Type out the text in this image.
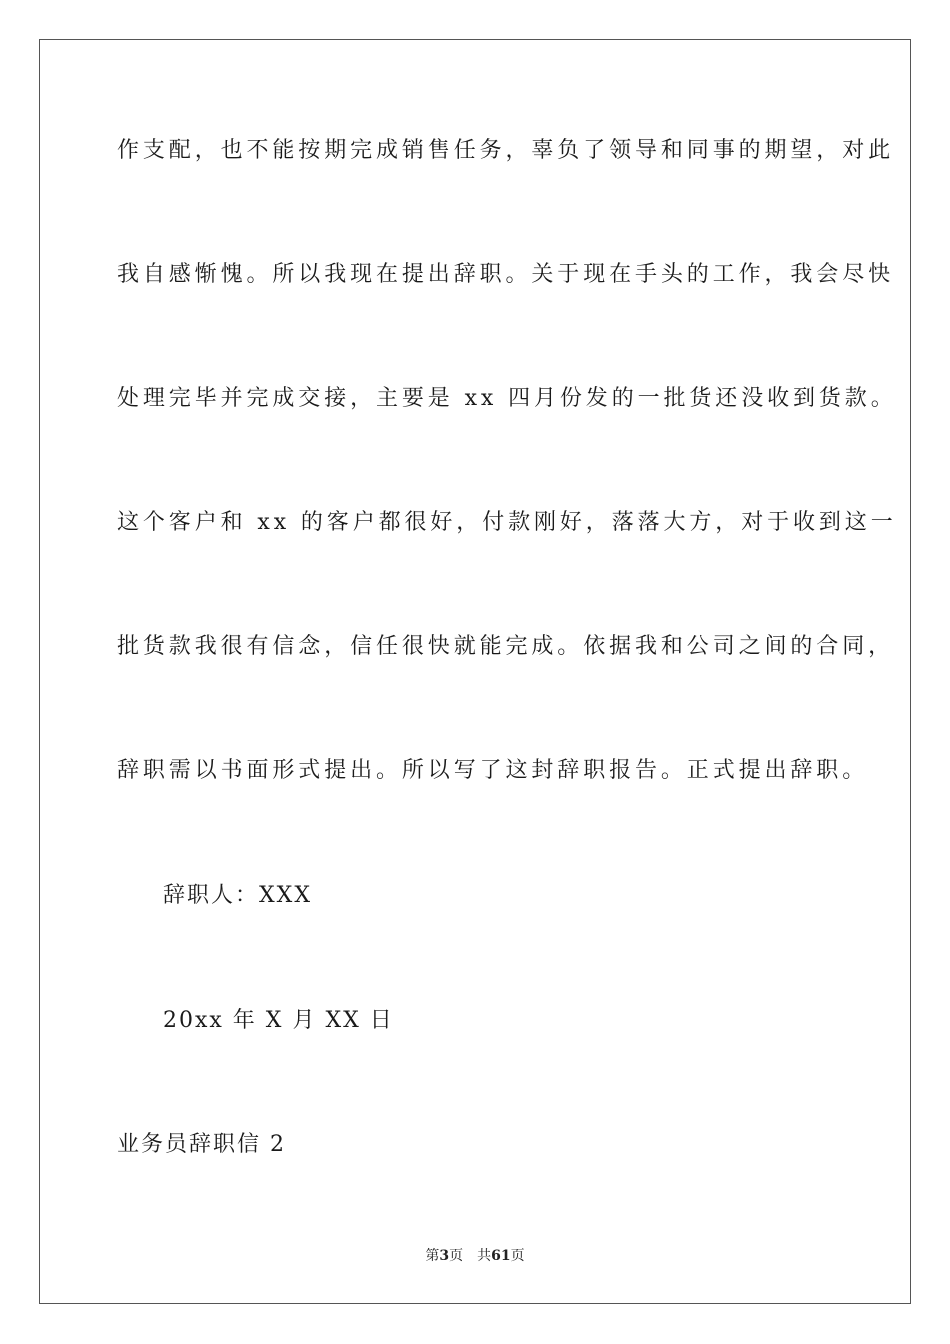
作支配，也不能按期完成销售任务，辜负了领导和同事的期望，对此
我自感惭愧。所以我现在提出辞职。关于现在手头的工作，我会尽快
处理完毕并完成交接，主要是 xx 四月份发的一批货还没收到货款。
这个客户和 xx 的客户都很好，付款刚好，落落大方，对于收到这一
批货款我很有信念，信任很快就能完成。依据我和公司之间的合同，
辞职需以书面形式提出。所以写了这封辞职报告。正式提出辞职。
辞职人：XXX
20xx 年 X 月 XX 日
业务员辞职信 2
第3页 共61页
